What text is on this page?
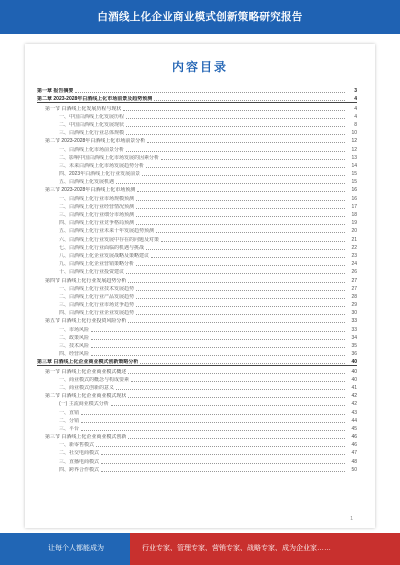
白酒线上化企业商业模式创新策略研究报告
内容目录
第一章 报告摘要	3
第二章 2023-2028年白酒线上化市场前景及趋势预测	4
第一节 白酒线上化发展历程与现状	4
一、中国白酒线上化发展历程	4
二、中国白酒线上化发展现状	8
三、白酒线上化行业总体规模	10
第二节 2023-2028年白酒线上化市场前景分析	12
一、白酒线上化市场前景分析	12
二、影响中国白酒线上化市场发展的因素分析	13
三、未来白酒线上化市场发展趋势分析	14
四、2023年白酒线上化行业发展前景	15
五、白酒线上化发展机遇	15
第三节 2023-2028年白酒线上化市场预测	16
一、白酒线上化行业市场规模预测	16
二、白酒线上化行业经营情况预测	17
三、白酒线上化行业细分市场预测	18
四、白酒线上化行业竞争格局预测	19
五、白酒线上化行业未来十年发展趋势预测	20
六、白酒线上化行业发展中存在的问题及对策	21
七、白酒线上化行业面临的机遇与挑战	22
八、白酒线上化企业发展战略及策略建议	23
九、白酒线上化企业营销策略分析	24
十、白酒线上化行业投资建议	26
第四节 白酒线上化行业发展趋势分析	27
一、白酒线上化行业技术发展趋势	27
二、白酒线上化行业产品发展趋势	28
三、白酒线上化行业市场竞争趋势	29
四、白酒线上化行业企业发展趋势	30
第五节 白酒线上化行业投资风险分析	33
一、市场风险	33
二、政策风险	34
三、技术风险	35
四、经营风险	36
第三章 白酒线上化企业商业模式创新策略分析	40
第一节 白酒线上化企业商业模式概述	40
一、商业模式的概念与构成要素	40
二、商业模式创新的意义	41
第二节 白酒线上化企业商业模式现状	42
(一) 主流商业模式分析	42
一、直销	43
二、分销	44
三、平台	45
第三节 白酒线上化企业商业模式创新	46
一、新零售模式	46
二、社交电商模式	47
三、直播电商模式	48
四、跨界合作模式	50
1
让每个人都能成为	行业专家、管理专家、营销专家、战略专家、成为企业家……
